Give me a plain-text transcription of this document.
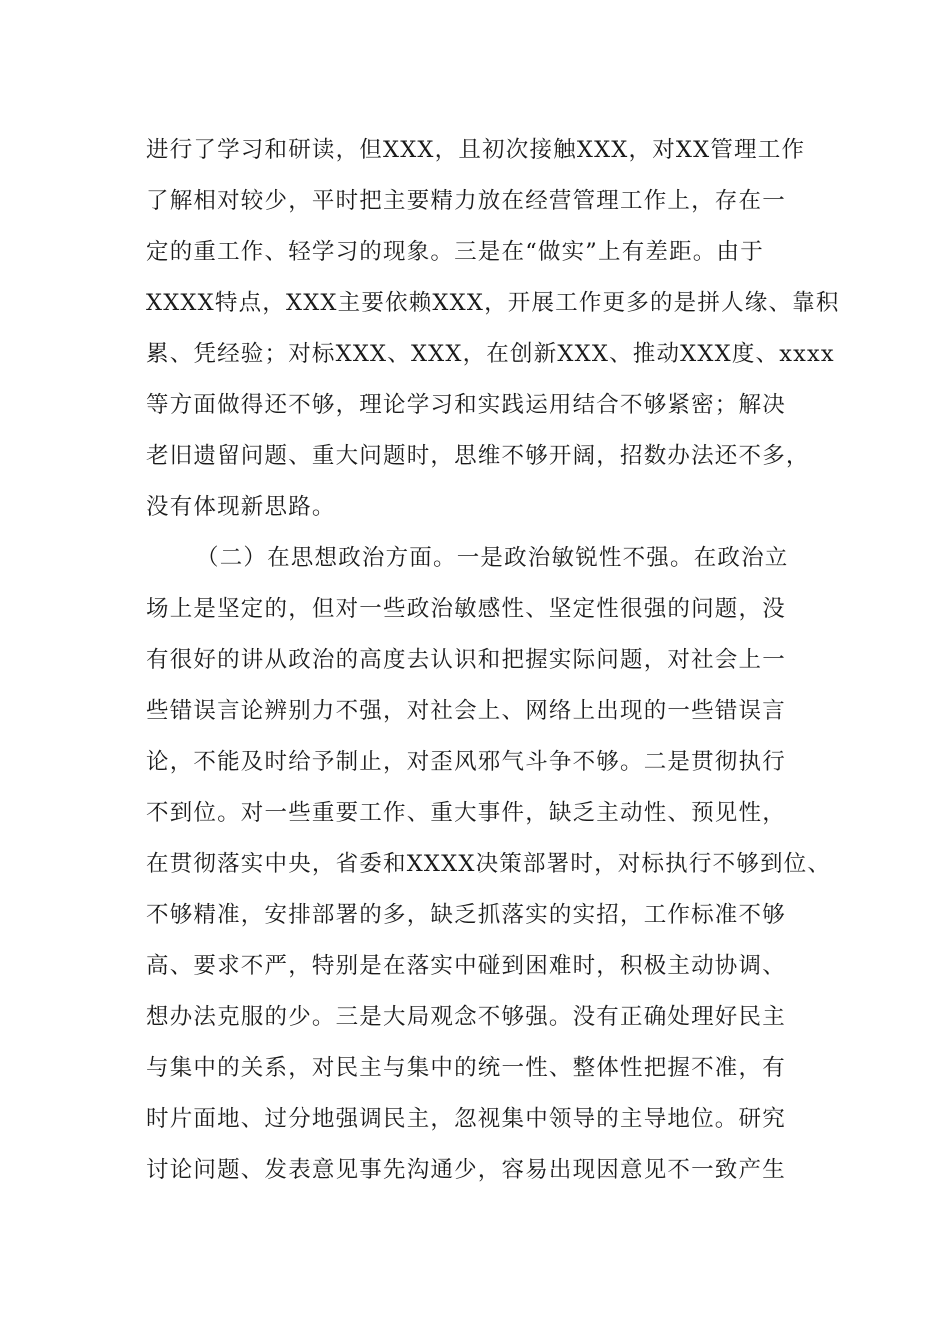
进行了学习和研读，但XXX，且初次接触XXX，对XX管理工作
了解相对较少，平时把主要精力放在经营管理工作上，存在一
定的重工作、轻学习的现象。三是在“做实”上有差距。由于
XXXX特点，XXX主要依赖XXX，开展工作更多的是拼人缘、靠积
累、凭经验；对标XXX、XXX，在创新XXX、推动XXX度、xxxx
等方面做得还不够，理论学习和实践运用结合不够紧密；解决
老旧遗留问题、重大问题时，思维不够开阔，招数办法还不多，
没有体现新思路。
（二）在思想政治方面。一是政治敏锐性不强。在政治立
场上是坚定的，但对一些政治敏感性、坚定性很强的问题，没
有很好的讲从政治的高度去认识和把握实际问题，对社会上一
些错误言论辨别力不强，对社会上、网络上出现的一些错误言
论，不能及时给予制止，对歪风邪气斗争不够。二是贯彻执行
不到位。对一些重要工作、重大事件，缺乏主动性、预见性，
在贯彻落实中央，省委和XXXX决策部署时，对标执行不够到位、
不够精准，安排部署的多，缺乏抓落实的实招，工作标准不够
高、要求不严，特别是在落实中碰到困难时，积极主动协调、
想办法克服的少。三是大局观念不够强。没有正确处理好民主
与集中的关系，对民主与集中的统一性、整体性把握不准，有
时片面地、过分地强调民主，忽视集中领导的主导地位。研究
讨论问题、发表意见事先沟通少，容易出现因意见不一致产生
